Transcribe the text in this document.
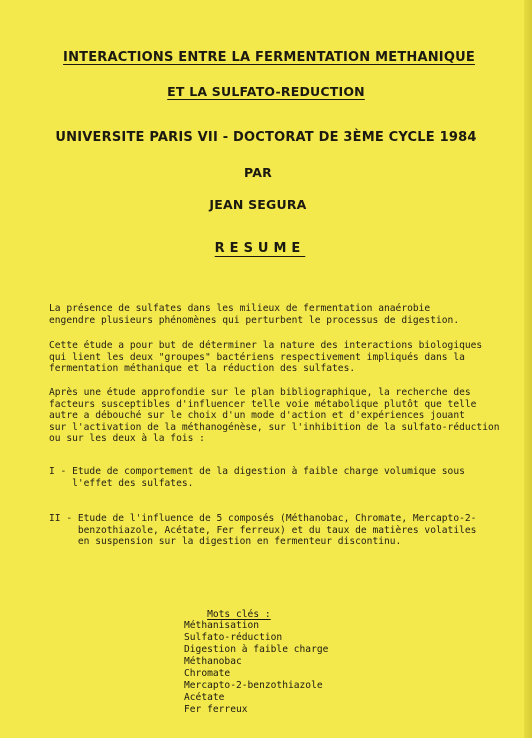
INTERACTIONS ENTRE LA FERMENTATION METHANIQUE
ET LA SULFATO-REDUCTION
UNIVERSITE PARIS VII - DOCTORAT DE 3ÈME CYCLE 1984
PAR
JEAN SEGURA
RESUME
La présence de sulfates dans les milieux de fermentation anaérobie
engendre plusieurs phénomènes qui perturbent le processus de digestion.
Cette étude a pour but de déterminer la nature des interactions biologiques
qui lient les deux "groupes" bactériens respectivement impliqués dans la
fermentation méthanique et la réduction des sulfates.
Après une étude approfondie sur le plan bibliographique, la recherche des
facteurs susceptibles d'influencer telle voie métabolique plutôt que telle
autre a débouché sur le choix d'un mode d'action et d'expériences jouant
sur l'activation de la méthanogénèse, sur l'inhibition de la sulfato-réduction
ou sur les deux à la fois :
I - Etude de comportement de la digestion à faible charge volumique sous
l'effet des sulfates.
II - Etude de l'influence de 5 composés (Méthanobac, Chromate, Mercapto-2-
benzothiazole, Acétate, Fer ferreux) et du taux de matières volatiles
en suspension sur la digestion en fermenteur discontinu.

Mots clés :

Méthanisation
Sulfato-réduction
Digestion à faible charge
Méthanobac
Chromate
Mercapto-2-benzothiazole
Acétate
Fer ferreux
